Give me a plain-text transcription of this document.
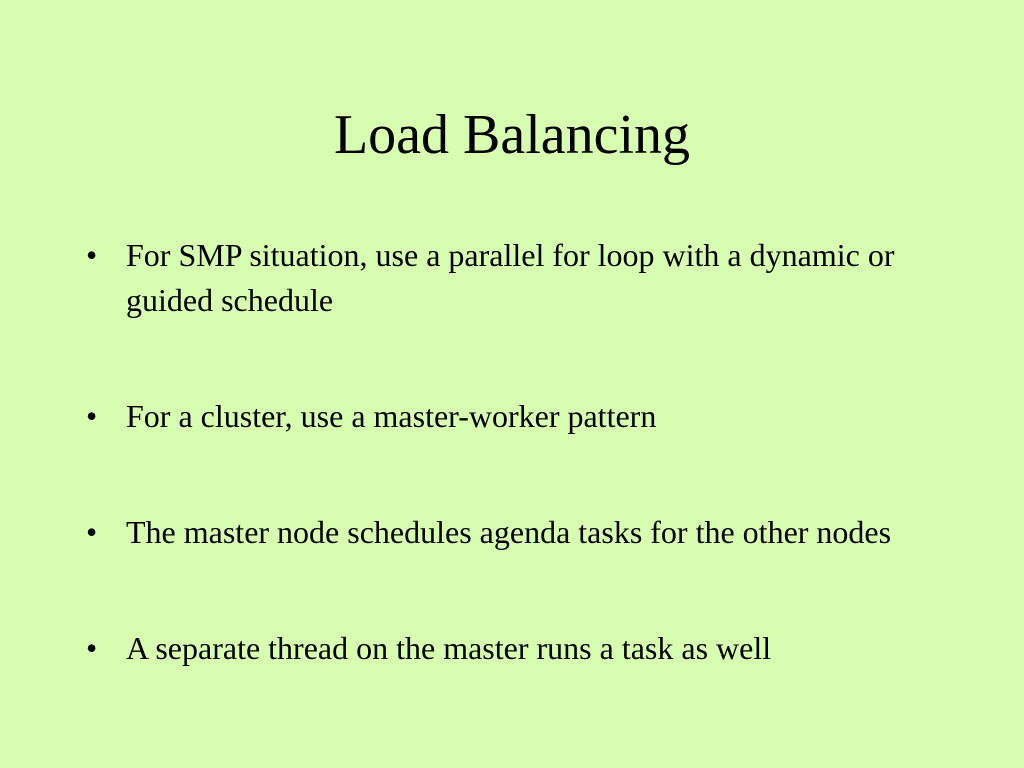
Load Balancing
• For SMP situation, use a parallel for loop with a dynamic or guided schedule
• For a cluster, use a master-worker pattern
• The master node schedules agenda tasks for the other nodes
• A separate thread on the master runs a task as well
